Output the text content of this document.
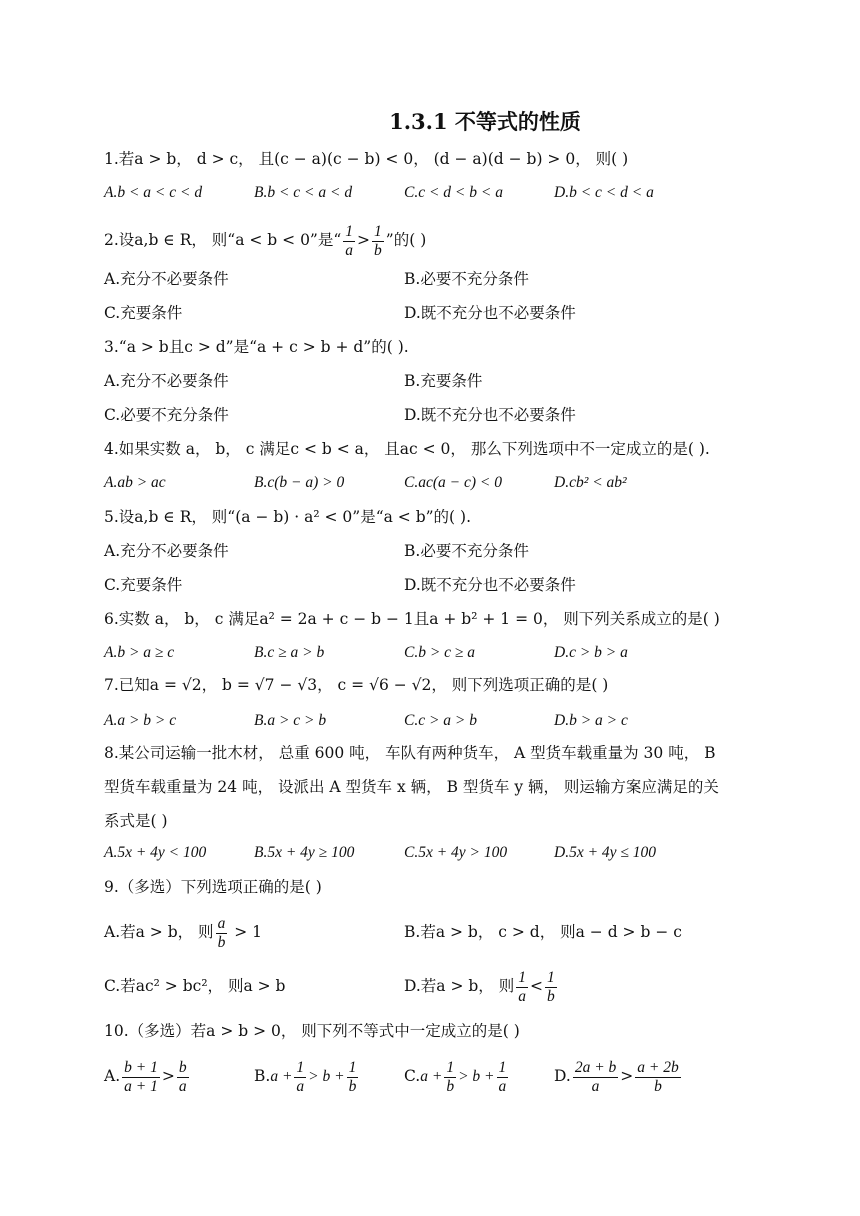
1.3.1 不等式的性质
1.若a > b， d > c， 且(c − a)(c − b) < 0， (d − a)(d − b) > 0， 则( )
A.b < a < c < d	B.b < c < a < d	C.c < d < b < a	D.b < c < d < a
2.设a,b ∈ R， 则“a < b < 0”是“ $\frac{1}{a} > \frac{1}{b}$ ”的( )
A.充分不必要条件	B.必要不充分条件
C.充要条件	D.既不充分也不必要条件
3.“a > b且c > d”是“a + c > b + d”的( ).
A.充分不必要条件	B.充要条件
C.必要不充分条件	D.既不充分也不必要条件
4.如果实数 a， b， c 满足c < b < a， 且ac < 0， 那么下列选项中不一定成立的是( ).
A.ab > ac	B.c(b − a) > 0	C.ac(a − c) < 0	D.cb² < ab²
5.设a,b ∈ R， 则“(a − b) · a² < 0”是“a < b”的( ).
A.充分不必要条件	B.必要不充分条件
C.充要条件	D.既不充分也不必要条件
6.实数 a， b， c 满足a² = 2a + c − b − 1且a + b² + 1 = 0， 则下列关系成立的是( )
A.b > a ≥ c	B.c ≥ a > b	C.b > c ≥ a	D.c > b > a
7.已知a = √2， b = √7 − √3， c = √6 − √2， 则下列选项正确的是( )
A.a > b > c	B.a > c > b	C.c > a > b	D.b > a > c
8.某公司运输一批木材， 总重 600 吨， 车队有两种货车， A 型货车载重量为 30 吨， B
型货车载重量为 24 吨， 设派出 A 型货车 x 辆， B 型货车 y 辆， 则运输方案应满足的关
系式是( )
A.5x + 4y < 100	B.5x + 4y ≥ 100	C.5x + 4y > 100	D.5x + 4y ≤ 100
9.（多选）下列选项正确的是( )
A.若a > b， 则 $\frac{a}{b} > 1$	B.若a > b， c > d， 则a − d > b − c
C.若ac² > bc²， 则a > b	D.若a > b， 则 $\frac{1}{a} < \frac{1}{b}$
10.（多选）若a > b > 0， 则下列不等式中一定成立的是( )
A. $\frac{b + 1}{a + 1} > \frac{b}{a}$	$B.a + \frac{1}{a} > b + \frac{1}{b}$	$C.a + \frac{1}{b} > b + \frac{1}{a}$	D. $\frac{2a + b}{a} > \frac{a + 2b}{b}$
